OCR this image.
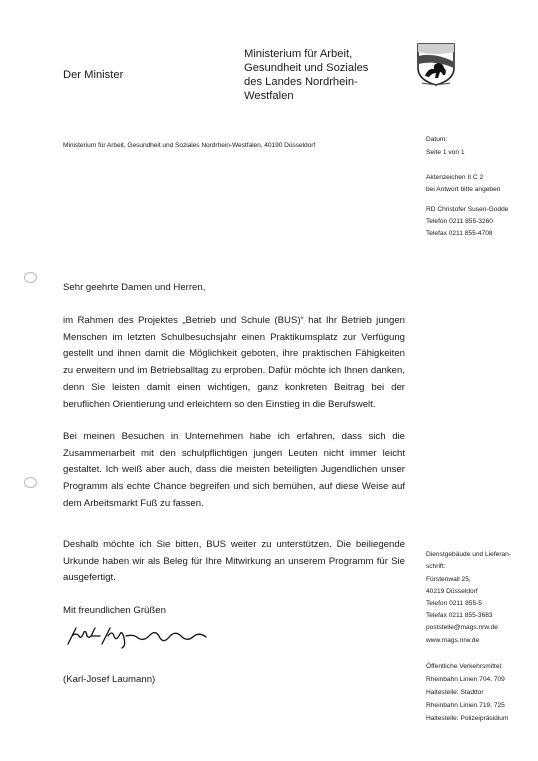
Ministerium für Arbeit,
Gesundheit und Soziales
des Landes Nordrhein-Westfalen
Der Minister
Ministerium für Arbeit, Gesundheit und Soziales Nordrhein-Westfalen, 40190 Düsseldorf
Datum:
Seite 1 von 1
Aktenzeichen II C 2
bei Antwort bitte angeben
RD Christofer Susen-Godde
Telefon 0211 855-3260
Telefax 0211 855-4708
Sehr geehrte Damen und Herren,
im Rahmen des Projektes „Betrieb und Schule (BUS)“ hat Ihr Betrieb jungen Menschen im letzten Schulbesuchsjahr einen Praktikumsplatz zur Verfügung gestellt und ihnen damit die Möglichkeit geboten, ihre praktischen Fähigkeiten zu erweitern und im Betriebsalltag zu erproben. Dafür möchte ich Ihnen danken, denn Sie leisten damit einen wichtigen, ganz konkreten Beitrag bei der beruflichen Orientierung und erleichtern so den Einstieg in die Berufswelt.
Bei meinen Besuchen in Unternehmen habe ich erfahren, dass sich die Zusammenarbeit mit den schulpflichtigen jungen Leuten nicht immer leicht gestaltet. Ich weiß aber auch, dass die meisten beteiligten Jugendlichen unser Programm als echte Chance begreifen und sich bemühen, auf diese Weise auf dem Arbeitsmarkt Fuß zu fassen.
Deshalb möchte ich Sie bitten, BUS weiter zu unterstützen. Die beiliegende Urkunde haben wir als Beleg für Ihre Mitwirkung an unserem Programm für Sie ausgefertigt.
Mit freundlichen Grüßen
(Karl-Josef Laumann)
Dienstgebäude und Lieferan-
schrift:
Fürstenwall 25,
40219 Düsseldorf
Telefon 0211 855-5
Telefax 0211 855-3683
poststelle@mags.nrw.de
www.mags.nrw.de
Öffentliche Verkehrsmittel:
Rheinbahn Linien 704, 709
Haltestelle: Stadttor
Rheinbahn Linien 719, 725
Haltestelle: Polizeipräsidium
